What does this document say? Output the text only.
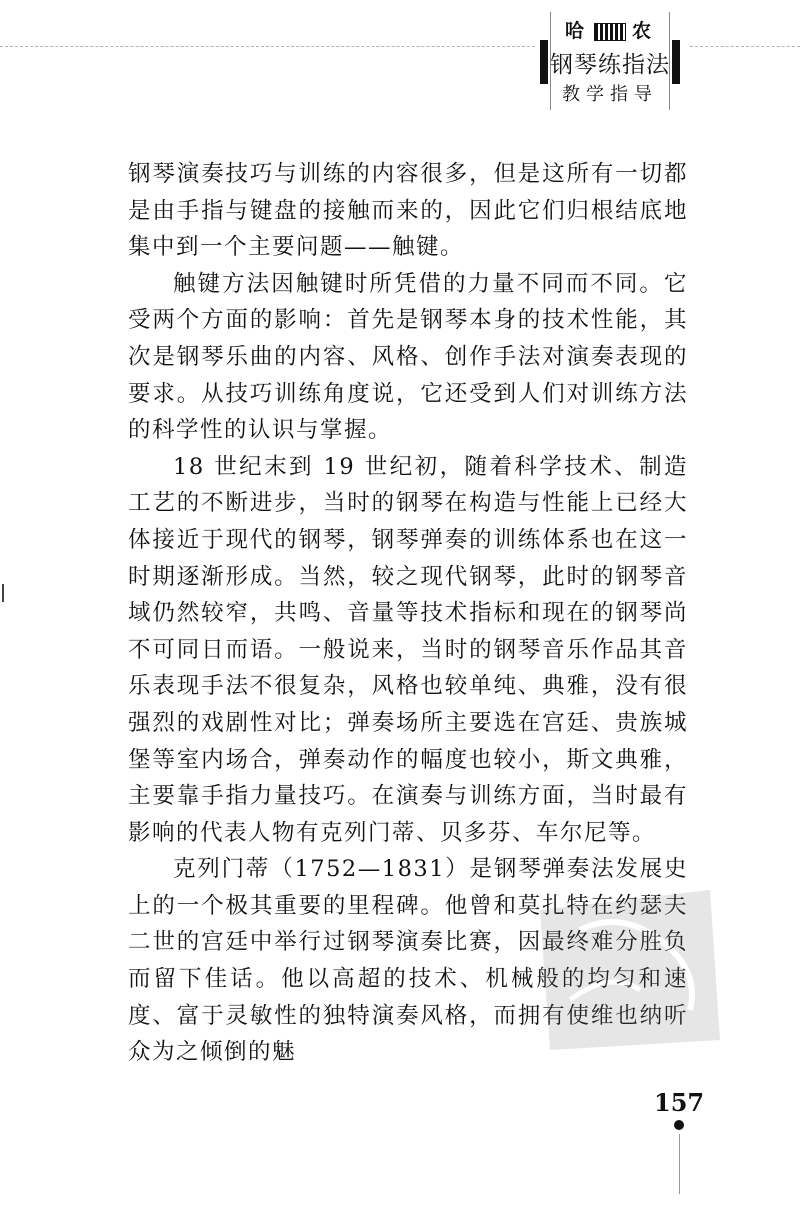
哈 农
钢琴练指法
教学指导

钢琴演奏技巧与训练的内容很多，但是这所有一切都是由手指与键盘的接触而来的，因此它们归根结底地集中到一个主要问题——触键。

触键方法因触键时所凭借的力量不同而不同。它受两个方面的影响：首先是钢琴本身的技术性能，其次是钢琴乐曲的内容、风格、创作手法对演奏表现的要求。从技巧训练角度说，它还受到人们对训练方法的科学性的认识与掌握。

18 世纪末到 19 世纪初，随着科学技术、制造工艺的不断进步，当时的钢琴在构造与性能上已经大体接近于现代的钢琴，钢琴弹奏的训练体系也在这一时期逐渐形成。当然，较之现代钢琴，此时的钢琴音域仍然较窄，共鸣、音量等技术指标和现在的钢琴尚不可同日而语。一般说来，当时的钢琴音乐作品其音乐表现手法不很复杂，风格也较单纯、典雅，没有很强烈的戏剧性对比；弹奏场所主要选在宫廷、贵族城堡等室内场合，弹奏动作的幅度也较小，斯文典雅，主要靠手指力量技巧。在演奏与训练方面，当时最有影响的代表人物有克列门蒂、贝多芬、车尔尼等。

克列门蒂（1752—1831）是钢琴弹奏法发展史上的一个极其重要的里程碑。他曾和莫扎特在约瑟夫二世的宫廷中举行过钢琴演奏比赛，因最终难分胜负而留下佳话。他以高超的技术、机械般的均匀和速度、富于灵敏性的独特演奏风格，而拥有使维也纳听众为之倾倒的魅

157
